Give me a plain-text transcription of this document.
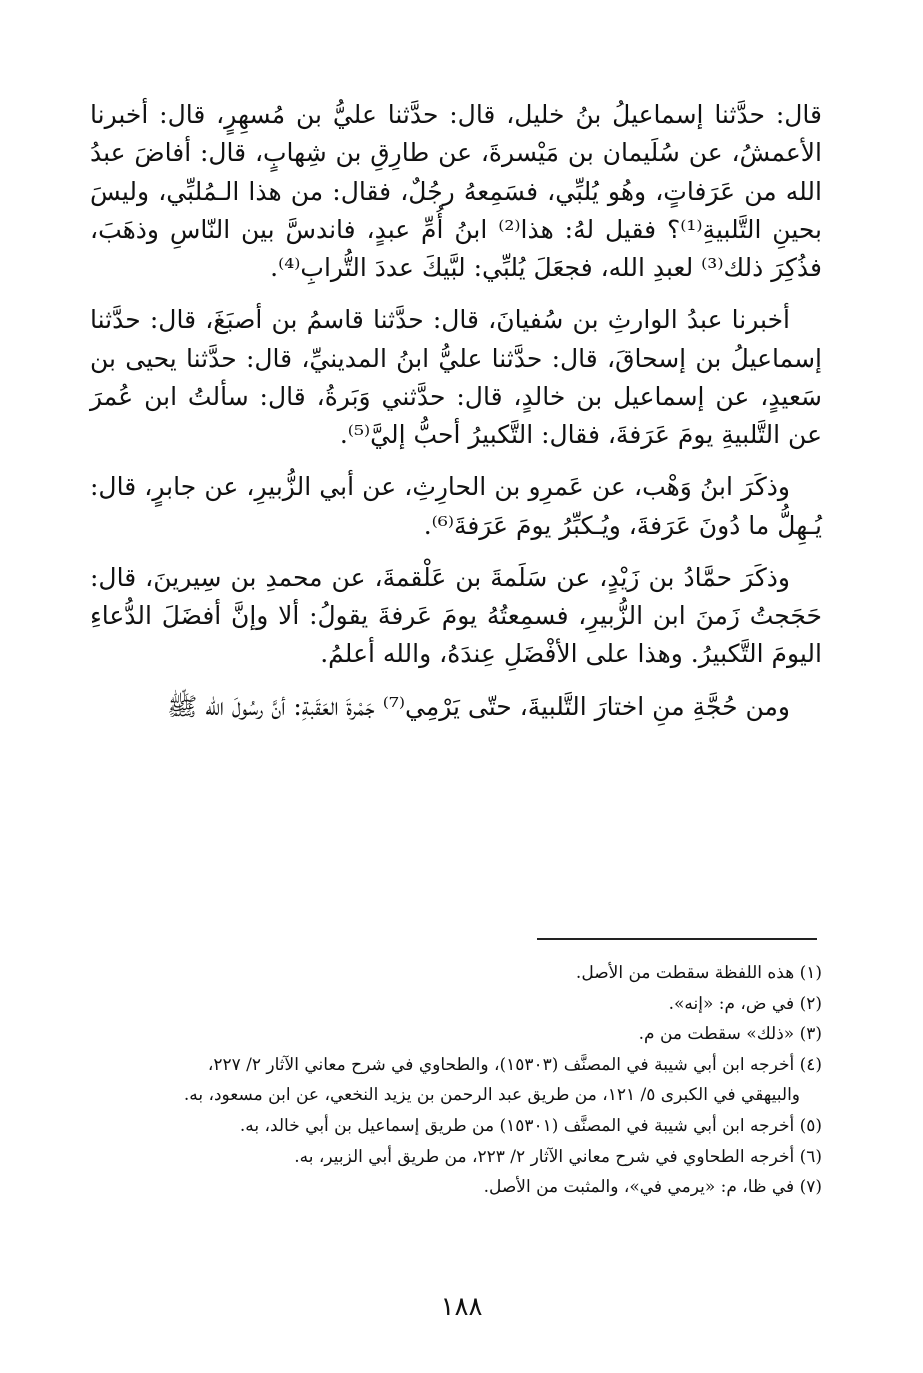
قال: حدَّثنا إسماعيلُ بنُ خليل، قال: حدَّثنا عليُّ بن مُسهِرٍ، قال: أخبرنا الأعمشُ، عن سُلَيمان بن مَيْسرةَ، عن طارِقِ بن شِهابٍ، قال: أفاضَ عبدُ الله من عَرَفاتٍ، وهُو يُلبِّي، فسَمِعهُ رجُلٌ، فقال: من هذا الـمُلبِّي، وليسَ بحينِ التَّلبيةِ⁽¹⁾؟ فقيل لهُ: هذا⁽²⁾ ابنُ أُمِّ عبدٍ، فاندسَّ بين النّاسِ وذهَبَ، فذُكِرَ ذلك⁽³⁾ لعبدِ الله، فجعَلَ يُلبِّي: لبَّيكَ عددَ التُّرابِ⁽⁴⁾.

أخبرنا عبدُ الوارثِ بن سُفيانَ، قال: حدَّثنا قاسمُ بن أصبَغَ، قال: حدَّثنا إسماعيلُ بن إسحاقَ، قال: حدَّثنا عليُّ ابنُ المدينيِّ، قال: حدَّثنا يحيى بن سَعيدٍ، عن إسماعيل بن خالدٍ، قال: حدَّثني وَبَرةُ، قال: سألتُ ابن عُمرَ عن التَّلبيةِ يومَ عَرَفةَ، فقال: التَّكبيرُ أحبُّ إليَّ⁽⁵⁾.

وذكَرَ ابنُ وَهْب، عن عَمرِو بن الحارِثِ، عن أبي الزُّبيرِ، عن جابرٍ، قال: يُـهِلُّ ما دُونَ عَرَفةَ، ويُـكبِّرُ يومَ عَرَفةَ⁽⁶⁾.

وذكَرَ حمَّادُ بن زَيْدٍ، عن سَلَمةَ بن عَلْقمةَ، عن محمدِ بن سِيرينَ، قال: حَجَجتُ زَمنَ ابن الزُّبيرِ، فسمِعتُهُ يومَ عَرفةَ يقولُ: ألا وإنَّ أفضَلَ الدُّعاءِ اليومَ التَّكبيرُ. وهذا على الأفْضَلِ عِندَهُ، والله أعلمُ.

ومن حُجَّةِ منِ اختارَ التَّلبيةَ، حتّى يَرْمِي⁽⁷⁾ جَمْرةَ العَقَبةِ: أنَّ رسُولَ الله ﷺ

(١) هذه اللفظة سقطت من الأصل.

(٢) في ض، م: «إنه».

(٣) «ذلك» سقطت من م.

(٤) أخرجه ابن أبي شيبة في المصنَّف (١٥٣٠٣)، والطحاوي في شرح معاني الآثار ٢/ ٢٢٧،
والبيهقي في الكبرى ٥/ ١٢١، من طريق عبد الرحمن بن يزيد النخعي، عن ابن مسعود، به.

(٥) أخرجه ابن أبي شيبة في المصنَّف (١٥٣٠١) من طريق إسماعيل بن أبي خالد، به.

(٦) أخرجه الطحاوي في شرح معاني الآثار ٢/ ٢٢٣، من طريق أبي الزبير، به.

(٧) في ظا، م: «يرمي في»، والمثبت من الأصل.

١٨٨
